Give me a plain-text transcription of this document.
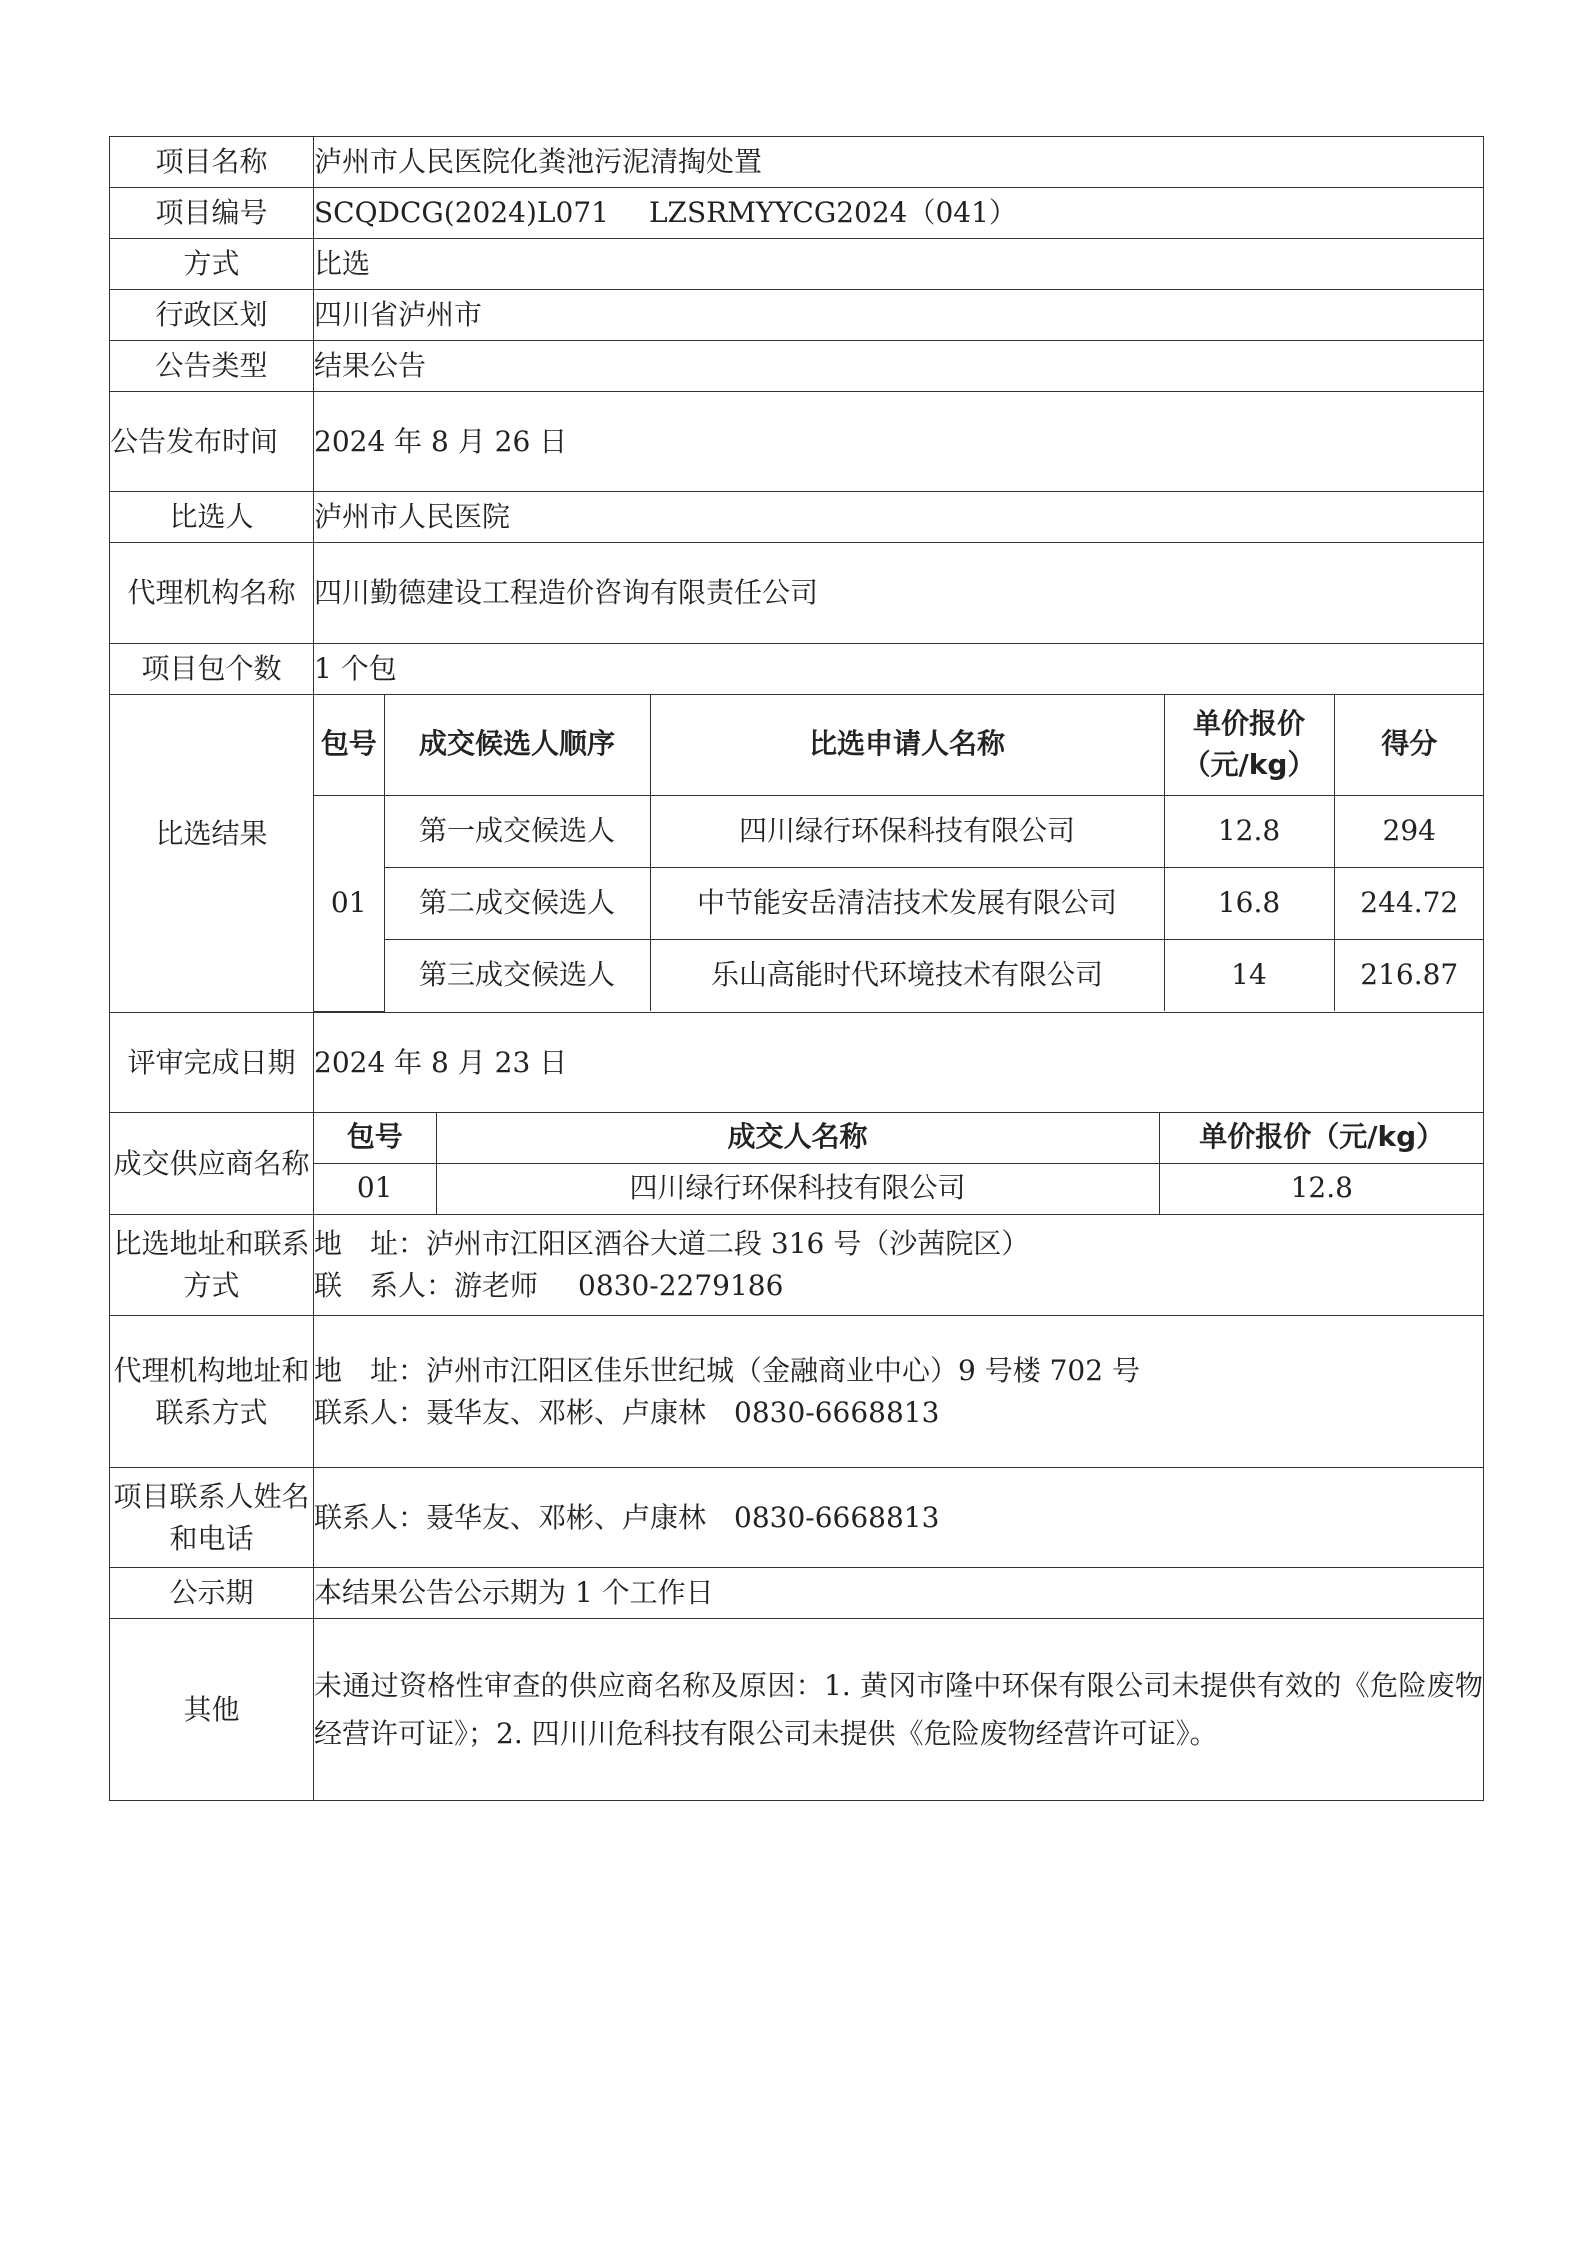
项目名称	泸州市人民医院化粪池污泥清掏处置
项目编号	SCQDCG(2024)L071 LZSRMYYCG2024（041）
方式	比选
行政区划	四川省泸州市
公告类型	结果公告
公告发布时间	2024 年 8 月 26 日
比选人	泸州市人民医院
代理机构名称	四川勤德建设工程造价咨询有限责任公司
项目包个数	1 个包
比选结果	
包号	成交候选人顺序	比选申请人名称	单价报价（元/kg）	得分
01	第一成交候选人	四川绿行环保科技有限公司	12.8	294
第二成交候选人	中节能安岳清洁技术发展有限公司	16.8	244.72
第三成交候选人	乐山高能时代环境技术有限公司	14	216.87

评审完成日期	2024 年 8 月 23 日
成交供应商名称	
包号	成交人名称	单价报价（元/kg）
01	四川绿行环保科技有限公司	12.8

比选地址和联系方式	
地　址：泸州市江阳区酒谷大道二段 316 号（沙茜院区）
联　系人：游老师 0830-2279186

代理机构地址和联系方式	
地　址：泸州市江阳区佳乐世纪城（金融商业中心）9 号楼 702 号
联系人：聂华友、邓彬、卢康林 0830-6668813

项目联系人姓名和电话	联系人：聂华友、邓彬、卢康林 0830-6668813
公示期	本结果公告公示期为 1 个工作日
其他	未通过资格性审查的供应商名称及原因：1. 黄冈市隆中环保有限公司未提供有效的《危险废物经营许可证》；2. 四川川危科技有限公司未提供《危险废物经营许可证》。
